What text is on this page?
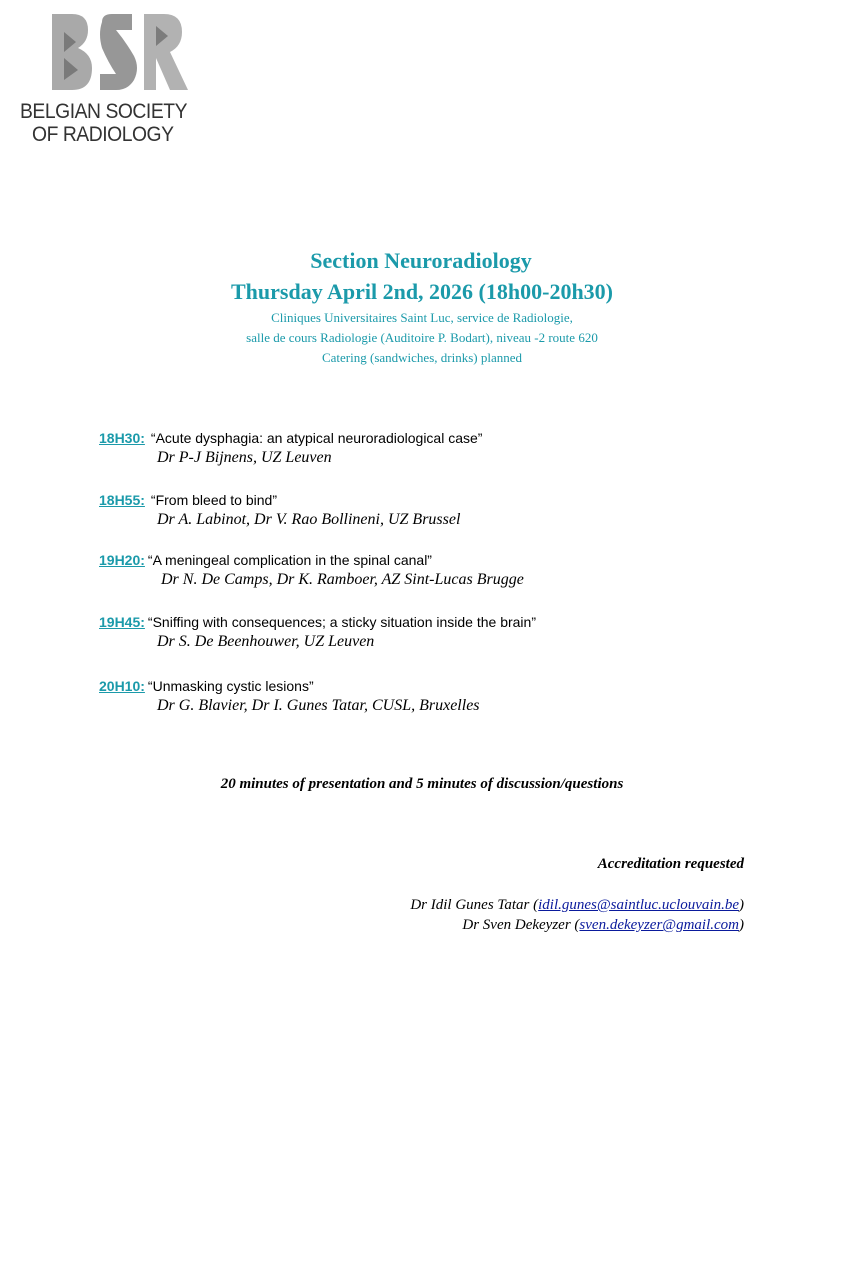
BELGIAN SOCIETY
OF RADIOLOGY
Section Neuroradiology
Thursday April 2nd, 2026 (18h00-20h30)
Cliniques Universitaires Saint Luc, service de Radiologie,
salle de cours Radiologie (Auditoire P. Bodart), niveau -2 route 620
Catering (sandwiches, drinks) planned
18H30: “Acute dysphagia: an atypical neuroradiological case”
Dr P-J Bijnens, UZ Leuven
18H55: “From bleed to bind”
Dr A. Labinot, Dr V. Rao Bollineni, UZ Brussel
19H20: “A meningeal complication in the spinal canal”
Dr N. De Camps, Dr K. Ramboer, AZ Sint-Lucas Brugge
19H45: “Sniffing with consequences; a sticky situation inside the brain”
Dr S. De Beenhouwer, UZ Leuven
20H10: “Unmasking cystic lesions”
Dr G. Blavier, Dr I. Gunes Tatar, CUSL, Bruxelles
20 minutes of presentation and 5 minutes of discussion/questions
Accreditation requested
Dr Idil Gunes Tatar (idil.gunes@saintluc.uclouvain.be)
Dr Sven Dekeyzer (sven.dekeyzer@gmail.com)
